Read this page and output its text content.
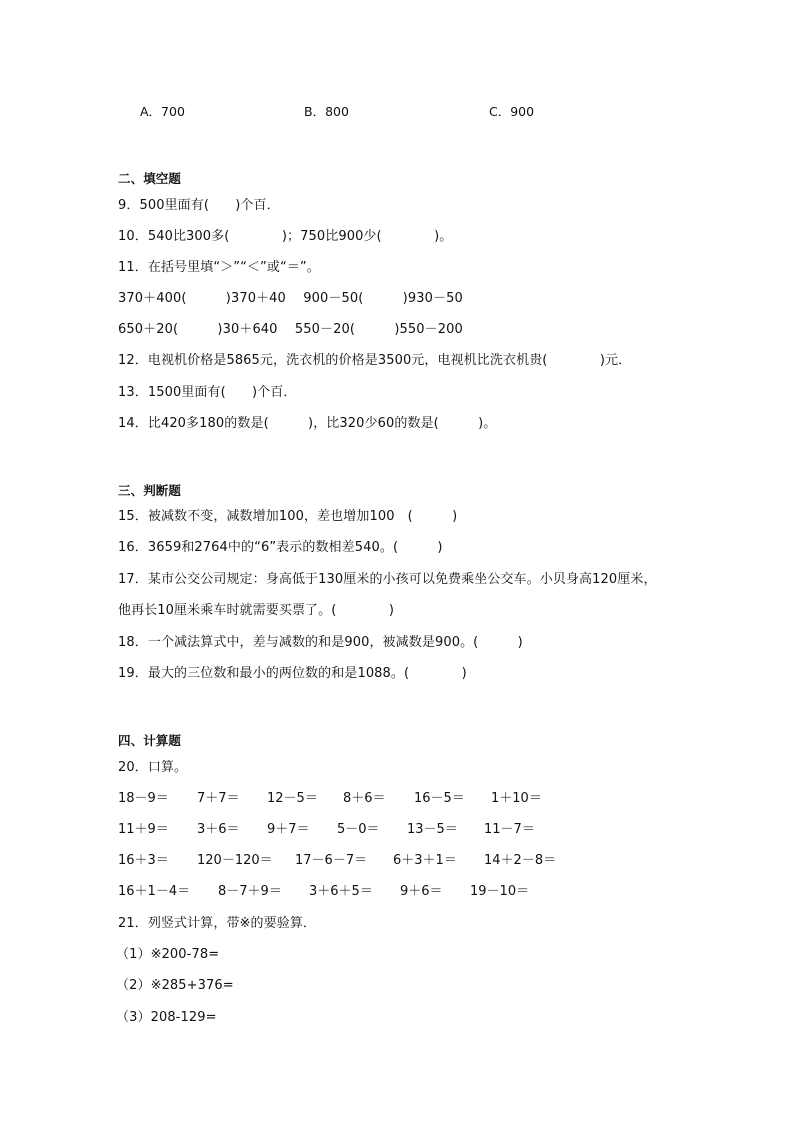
A．700	B．800	C．900
二、填空题
9．500里面有(　　)个百．
10．540比300多(　　　　)；750比900少(　　　　)。
11．在括号里填“＞”“＜”或“＝”。
370＋400(　　　)370＋40　 900－50(　　　)930－50
650＋20(　　　)30＋640　 550－20(　　　)550－200
12．电视机价格是5865元，洗衣机的价格是3500元，电视机比洗衣机贵(　　　　)元．
13．1500里面有(　　)个百．
14．比420多180的数是(　　　)，比320少60的数是(　　　)。
三、判断题
15．被减数不变，减数增加100，差也增加100　(　　　)
16．3659和2764中的“6”表示的数相差540。(　　　)
17．某市公交公司规定：身高低于130厘米的小孩可以免费乘坐公交车。小贝身高120厘米，
他再长10厘米乘车时就需要买票了。(　　　　)
18．一个减法算式中，差与减数的和是900，被减数是900。(　　　)
19．最大的三位数和最小的两位数的和是1088。(　　　　)
四、计算题
20．口算。
18－9＝ 7＋7＝ 12－5＝ 8＋6＝ 16－5＝ 1＋10＝
11＋9＝ 3＋6＝ 9＋7＝ 5－0＝ 13－5＝ 11－7＝
16＋3＝ 120－120＝ 17－6－7＝ 6＋3＋1＝ 14＋2－8＝
16＋1－4＝ 8－7＋9＝ 3＋6＋5＝ 9＋6＝ 19－10＝
21．列竖式计算，带※的要验算．
（1）※200-78=
（2）※285+376=
（3）208-129=
